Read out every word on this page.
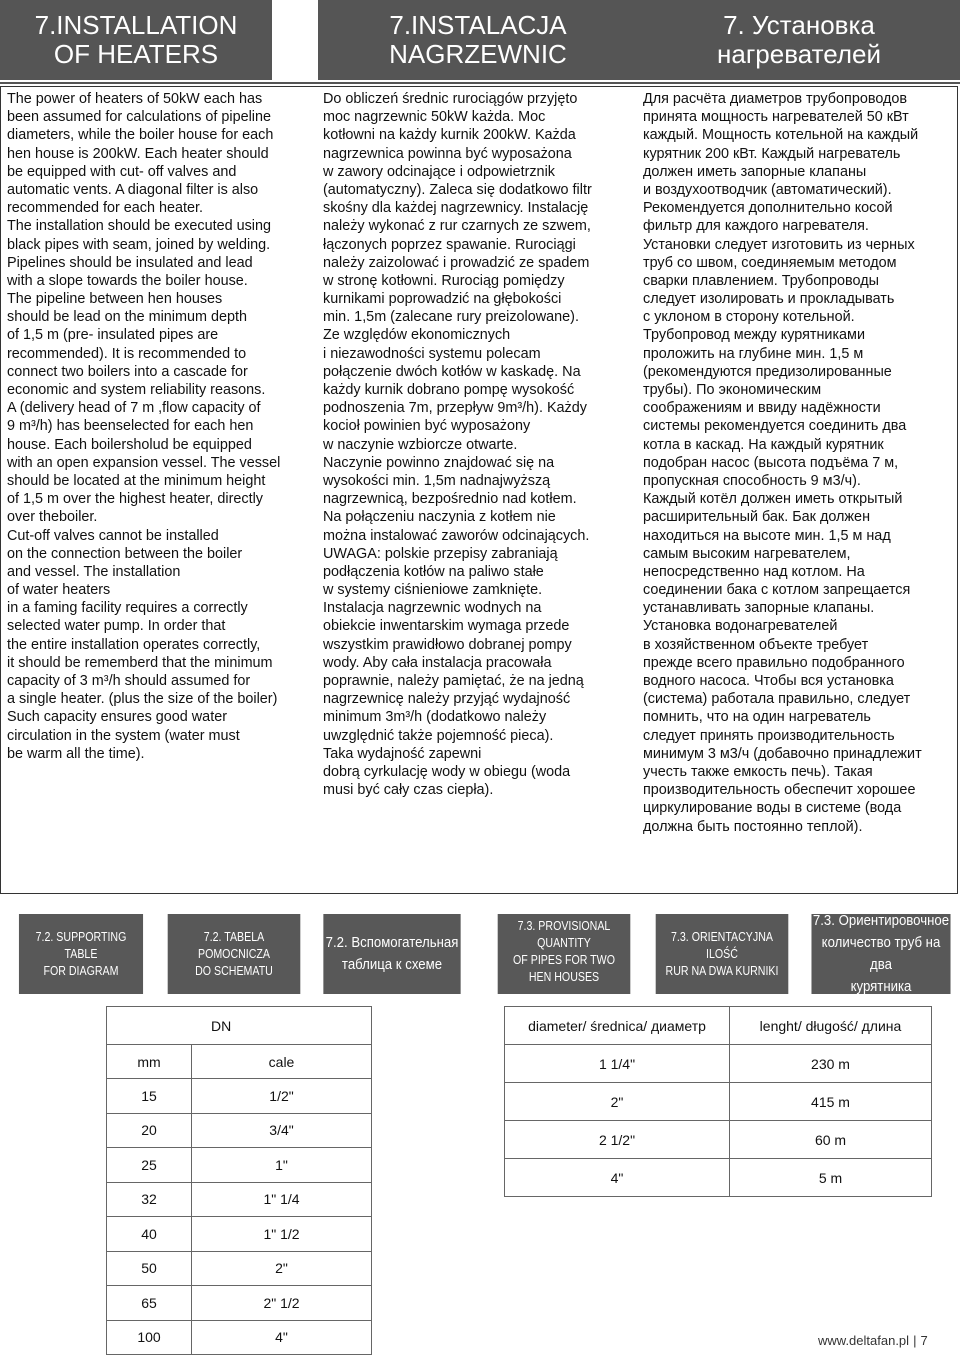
7.INSTALLATION
OF HEATERS
7.INSTALACJA
NAGRZEWNIC
7. Установка
нагревателей
The power of heaters of 50kW each has
been assumed for calculations of pipeline
diameters, while the boiler house for each
hen house is 200kW. Each heater should
be equipped with cut- off valves and
automatic vents. A diagonal filter is also
recommended for each heater.
The installation should be executed using
black pipes with seam, joined by welding.
Pipelines should be insulated and lead
with a slope towards the boiler house.
The pipeline between hen houses
should be lead on the minimum depth
of 1,5 m (pre- insulated pipes are
recommended). It is recommended to
connect two boilers into a cascade for
economic and system reliability reasons.
A (delivery head of 7 m ,flow capacity of
9 m³/h) has beenselected for each hen
house. Each boilersholud be equipped
with an open expansion vessel. The vessel
should be located at the minimum height
of 1,5 m over the highest heater, directly
over theboiler.
Cut-off valves cannot be installed
on the connection between the boiler
and vessel. The installation
of water heaters
in a faming facility requires a correctly
selected water pump. In order that
the entire installation operates correctly,
it should be rememberd that the minimum
capacity of 3 m³/h should assumed for
a single heater. (plus the size of the boiler)
Such capacity ensures good water
circulation in the system (water must
be warm all the time).
Do obliczeń średnic rurociągów przyjęto
moc nagrzewnic 50kW każda. Moc
kotłowni na każdy kurnik 200kW. Każda
nagrzewnica powinna być wyposażona
w zawory odcinające i odpowietrznik
(automatyczny). Zaleca się dodatkowo filtr
skośny dla każdej nagrzewnicy. Instalację
należy wykonać z rur czarnych ze szwem,
łączonych poprzez spawanie. Rurociągi
należy zaizolować i prowadzić ze spadem
w stronę kotłowni. Rurociąg pomiędzy
kurnikami poprowadzić na głębokości
min. 1,5m (zalecane rury preizolowane).
Ze względów ekonomicznych
i niezawodności systemu polecam
połączenie dwóch kotłów w kaskadę. Na
każdy kurnik dobrano pompę wysokość
podnoszenia 7m, przepływ 9m³/h). Każdy
kocioł powinien być wyposażony
w naczynie wzbiorcze otwarte.
Naczynie powinno znajdować się na
wysokości min. 1,5m nadnajwyższą
nagrzewnicą, bezpośrednio nad kotłem.
Na połączeniu naczynia z kotłem nie
można instalować zaworów odcinających.
UWAGA: polskie przepisy zabraniają
podłączenia kotłów na paliwo stałe
w systemy ciśnieniowe zamknięte.
Instalacja nagrzewnic wodnych na
obiekcie inwentarskim wymaga przede
wszystkim prawidłowo dobranej pompy
wody. Aby cała instalacja pracowała
poprawnie, należy pamiętać, że na jedną
nagrzewnicę należy przyjąć wydajność
minimum 3m³/h (dodatkowo należy
uwzględnić także pojemność pieca).
Taka wydajność zapewni
dobrą cyrkulację wody w obiegu (woda
musi być cały czas ciepła).
Для расчёта диаметров трубопроводов
принята мощность нагревателей 50 кВт
каждый. Мощность котельной на каждый
курятник 200 кВт. Каждый нагреватель
должен иметь запорные клапаны
и воздухоотводчик (автоматический).
Рекомендуется дополнительно косой
фильтр для каждого нагревателя.
Установки следует изготовить из черных
труб со швом, соединяемым методом
сварки плавлением. Трубопроводы
следует изолировать и прокладывать
с уклоном в сторону котельной.
Трубопровод между курятниками
проложить на глубине мин. 1,5 м
(рекомендуются предизолированные
трубы). По экономическим
соображениям и ввиду надёжности
системы рекомендуется соединить два
котла в каскад. На каждый курятник
подобран насос (высота подъёма 7 м,
пропускная способность 9 м3/ч).
Каждый котёл должен иметь открытый
расширительный бак. Бак должен
находиться на высоте мин. 1,5 м над
самым высоким нагревателем,
непосредственно над котлом. На
соединении бака с котлом запрещается
устанавливать запорные клапаны.
Установка водонагревателей
в хозяйственном объекте требует
прежде всего правильно подобранного
водного насоса. Чтобы вся установка
(система) работала правильно, следует
помнить, что на один нагреватель
следует принять производительность
минимум 3 м3/ч (добавочно принадлежит
учесть также емкость печь). Такая
производительность обеспечит хорошее
циркулирование воды в системе (вода
должна быть постоянно теплой).
7.2. SUPPORTING TABLE
FOR DIAGRAM
7.2. TABELA POMOCNICZA
DO SCHEMATU
7.2. Вспомогательная
таблица к схеме
7.3. PROVISIONAL QUANTITY
OF PIPES FOR TWO
HEN HOUSES
7.3. ORIENTACYJNA ILOŚĆ
RUR NA DWA KURNIKI
7.3. Ориентировочное
количество труб на два
курятника
DN	
mm	cale
15	1/2"
20	3/4"
25	1"
32	1" 1/4
40	1" 1/2
50	2"
65	2" 1/2
100	4"
diameter/ średnica/ диаметр	lenght/ długość/ длина
1 1/4"	230 m
2"	415 m
2 1/2"	60 m
4"	5 m
www.deltafan.pl | 7
